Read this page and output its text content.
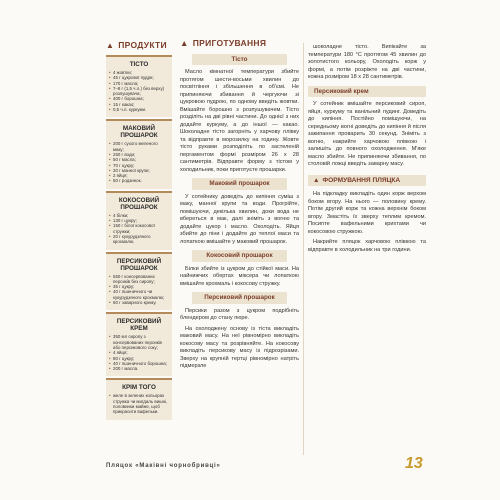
▲ ПРОДУКТИ
ТІСТО
• 4 жовтки;
• 45 г цукрової пудри;
• 170 г масла;
• 7–8 г (1,5 ч.л.) без верху) розпушувача;
• 400 г борошна;
• 15 г какао;
• 0,5 ч.л. куркуми.
МАКОВИЙ ПРОШАРОК
• 200 г сухого меленого маку;
• 250 г води;
• 50 г масла;
• 70 г цукру;
• 20 г манної крупи;
• 2 яйця;
• 50 г родзинок.
КОКОСОВИЙ ПРОШАРОК
• 4 білки;
• 130 г цукру;
• 150 г білої кокосової стружки;
• 20 г кукурудзяного крохмалю.
ПЕРСИКОВИЙ ПРОШАРОК
• 550 г консервованих персиків без сиропу;
• 35 г цукру;
• 40 г пшеничного чи кукурудзяного крохмалю;
• 60 г заварного крему.
ПЕРСИКОВИЙ КРЕМ
• 350 мл сиропу з консервованих персиків або персикового соку;
• 4 яйця;
• 80 г цукру;
• 40 г пшеничного борошна;
• 200 г масла.
КРІМ ТОГО
• желе в зелених кольорах стружка чи мигдаль вишні, половинки майже, щоб прикрасити вафельки.
▲ ПРИГОТУВАННЯ
Тісто

Масло кімнатної температури збийте протягом шести-восьми хвилин до посвітління і збільшення в об'ємі. Не припиняючи збивання й чергуючи зі цукровою пудрою, по одному введіть жовтки. Вмішайте борошно з розпушувачем. Тісто розділіть на дві рівні частини. До однієї з них додайте куркуму, а до іншої — какао. Шоколадне тісто загорніть у харчову плівку та відправте в морозилку на годину. Жовте тісто руками розподіліть по застеленій пергаментом формі розміром 26 х 28 сантиметрів. Відправте форму з тістом у холодильник, поки приготуєте прошарки.

Маковий прошарок

У сотейнику доведіть до кипіння суміш з маку, манної крупи та води. Прогрійте, помішуючи, декілька хвилин, доки вода не вбереться в мак, далі зніміть з вогню та додайте цукор і масло. Охолодіть. Яйця збийте до піни і додайте до теплої маси та лопаткою вмішайте у маковий прошарок.

Кокосовий прошарок

Білки збийте із цукром до стійкої маси. На найнижчих обертах міксера чи лопаткою вмішайте крохмаль і кокосову стружку.

Персиковий прошарок

Персики разом з цукром подрібніть блендером до стану пюре.

На охолоджену основу із тіста викладіть маковий масу. На неї рівномірно викладіть кокосову масу та розрівняйте. На кокосову викладіть персикову масу із підрозрізами. Зверху на крупній тертці рівномірно натріть підмерзле

шоколадне тісто. Випікайте за температури 180 °C протягом 45 хвилин до золотистого кольору, Охолодіть корж у формі, а потім розріжте на дві частини, кожна розміром 18 х 28 сантиметрів.

Персиковий крем

У сотейник вмішайте персиковий сироп, яйця, куркуму та ванільний пудинг. Доведіть до кипіння. Постійно помішуючи, на середньому вогні доведіть до кипіння й після закипання проварить 30 секунд. Зніміть з вогню, накрийте харчовою плівкою і залишіть до повного охолодження. М'яке масло збийте. Не припиняючи збивання, по столовій ложці введіть заварну масу.

▲ ФОРМУВАННЯ ПЛЯЦКА

На підкладку викладіть один корж верхом боком вгору. На нього — половину крему. Потім другий корж та кожна верхнім боком вгору. Змастіть їх зверху теплим кремом. Посипте вафельними крихтами чи кокосовою стружкою.

Накрийте пляцок харчовою плівкою та відправте в холодильник на три години.

Пляцок «Маківні чорнобривці»	13
